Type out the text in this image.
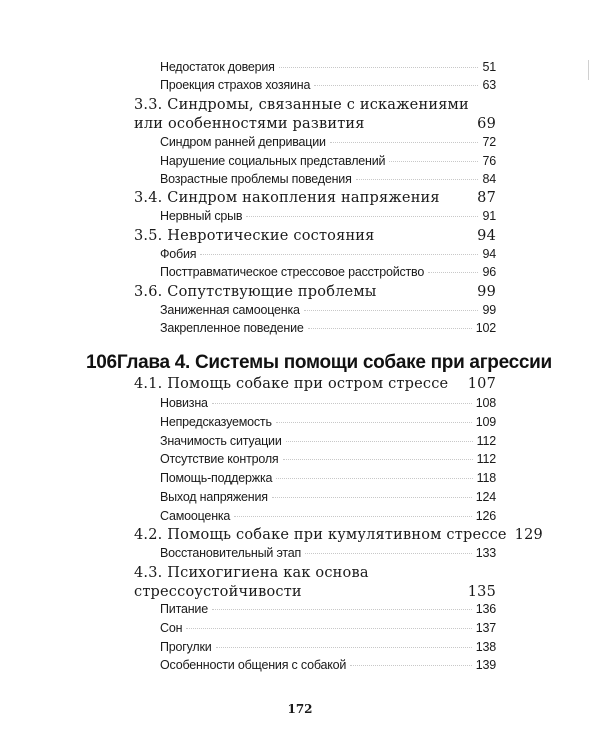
Недостаток доверия	51
Проекция страхов хозяина	63
3.3. Синдромы, связанные с искажениями
или особенностями развития	69
Синдром ранней депривации	72
Нарушение социальных представлений	76
Возрастные проблемы поведения	84
3.4. Синдром накопления напряжения	87
Нервный срыв	91
3.5. Невротические состояния	94
Фобия	94
Посттравматическое стрессовое расстройство	96
3.6. Сопутствующие проблемы	99
Заниженная самооценка	99
Закрепленное поведение	102
106 Глава 4. Системы помощи собаке при агрессии
4.1. Помощь собаке при остром стрессе 107
Новизна	108
Непредсказуемость	109
Значимость ситуации	112
Отсутствие контроля	112
Помощь-поддержка	118
Выход напряжения	124
Самооценка	126
4.2. Помощь собаке при кумулятивном стрессе 129
Восстановительный этап	133
4.3. Психогигиена как основа
стрессоустойчивости	135
Питание	136
Сон	137
Прогулки	138
Особенности общения с собакой	139
172
